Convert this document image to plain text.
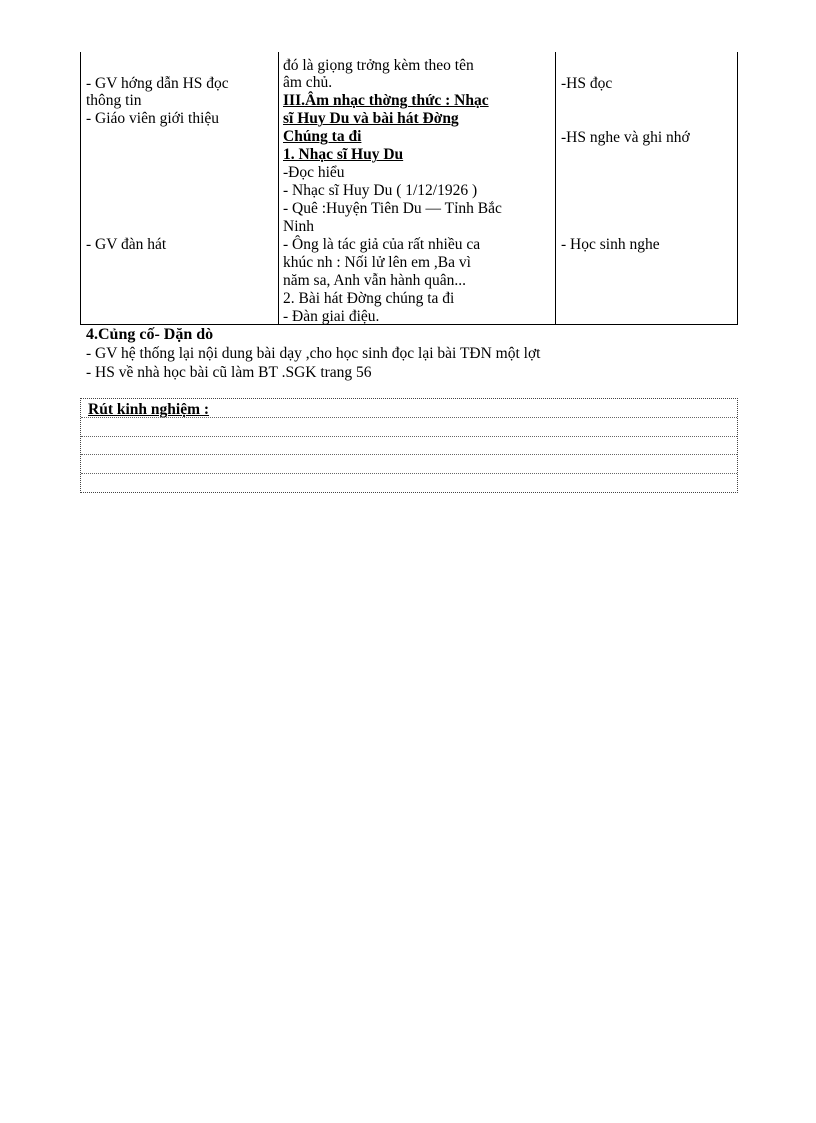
- GV hớng dẫn HS đọc
thông tin
- Giáo viên giới thiệu
- GV đàn hát
đó là giọng trởng kèm theo tên
âm chủ.
III.Âm nhạc thờng thức : Nhạc
sĩ Huy Du và bài hát Đờng
Chúng ta đi
1. Nhạc sĩ Huy Du
-Đọc hiểu
- Nhạc sĩ Huy Du ( 1/12/1926 )
- Quê :Huyện Tiên Du — Tỉnh Bắc
Ninh
- Ông là tác giả của rất nhiều ca
khúc nh : Nối lử lên em ,Ba vì
năm sa, Anh vẫn hành quân...
2. Bài hát Đờng chúng ta đi
- Đàn giai điệu.
-HS đọc
-HS nghe và ghi nhớ
- Học sinh nghe
4.Củng cố- Dặn dò
- GV hệ thống lại nội dung bài dạy ,cho học sinh đọc lại bài TĐN một lợt
- HS về nhà học bài cũ làm BT .SGK trang 56
Rút kinh nghiệm :
